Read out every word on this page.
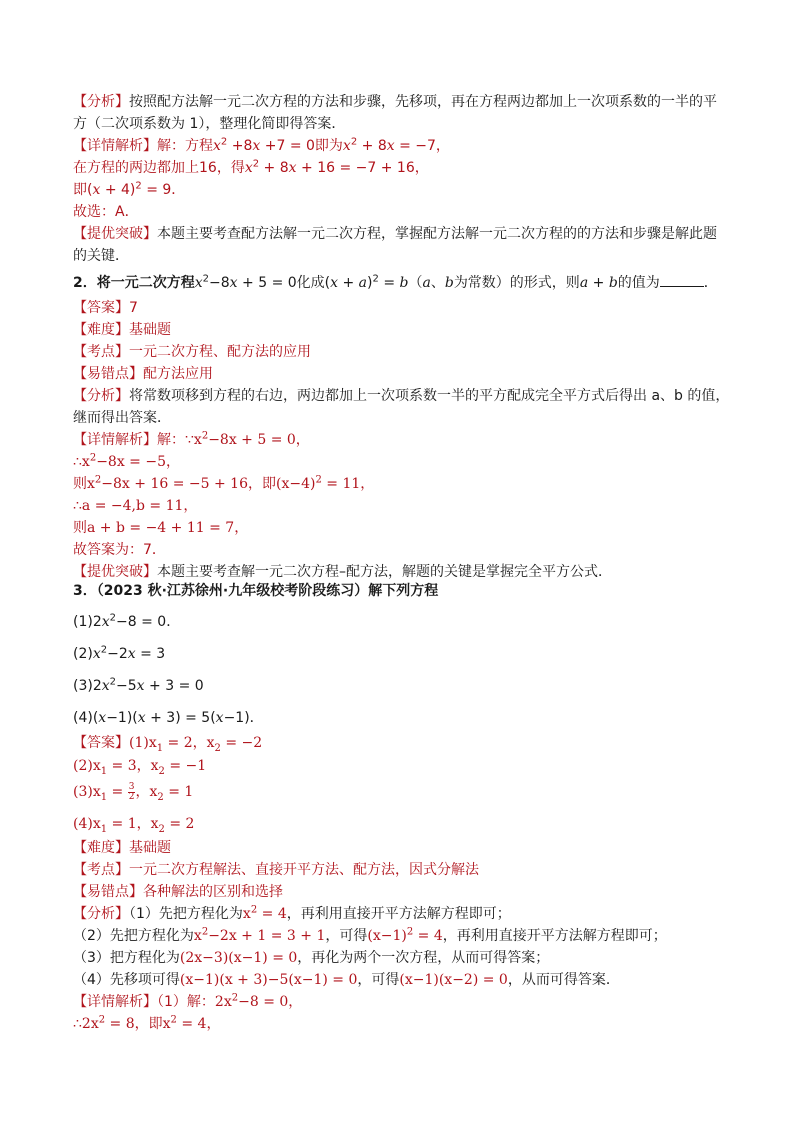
【分析】按照配方法解一元二次方程的方法和步骤，先移项，再在方程两边都加上一次项系数的一半的平
方（二次项系数为 1），整理化简即得答案．
【详情解析】解：方程$x^2 +8x +7 = 0$即为$x^2 + 8x = -7$，
在方程的两边都加上16，得$x^2 + 8x + 16 = -7 + 16$，
即$(x + 4)^2 = 9$．
故选：A．
【提优突破】本题主要考查配方法解一元二次方程，掌握配方法解一元二次方程的的方法和步骤是解此题
的关键．
2．将一元二次方程$x^2-8x + 5 = 0$化成$(x + a)^2 = b(a$、b为常数）的形式，则a + b的值为	．
【答案】7
【难度】基础题
【考点】一元二次方程、配方法的应用
【易错点】配方法应用
【分析】将常数项移到方程的右边，两边都加上一次项系数一半的平方配成完全平方式后得出 a、b 的值，
继而得出答案．
【详情解析】解：$\because x^2-8x + 5 = 0$，
$\therefore x^2-8x = -5$，
则$x^2-8x + 16 = -5 + 16$，即$(x-4)^2 = 11$，
∴a = −4,b = 11，
则a + b = −4 + 11 = 7，
故答案为：7．
【提优突破】本题主要考查解一元二次方程–配方法，解题的关键是掌握完全平方公式．
3．（2023 秋·江苏徐州·九年级校考阶段练习）解下列方程
$(1)2x^2-8 = 0$．
$(2)x^2-2x = 3$
$(3)2x^2-5x + 3 = 0$
(4)(x−1)(x + 3) = 5(x−1)．
【答案】$(1)x_1 = 2$，$x_2 = -2$
$(2)x_1 = 3$，$x_2 = -1$
$(3)x_1 = \frac{3}{2}$ ，$x_2 = 1$
$(4)x_1 = 1$，$x_2 = 2$
【难度】基础题
【考点】一元二次方程解法、直接开平方法、配方法，因式分解法
【易错点】各种解法的区别和选择
【分析】（1）先把方程化为$x^2 = 4$，再利用直接开平方法解方程即可；
（2）先把方程化为$x^2-2x + 1 = 3 + 1$，可得$(x-1)^2 = 4$，再利用直接开平方法解方程即可；
（3）把方程化为(2x−3)(x−1) = 0，再化为两个一次方程，从而可得答案；
（4）先移项可得(x−1)(x + 3)−5(x−1) = 0，可得(x−1)(x−2) = 0，从而可得答案．
【详情解析】（1）解：$2x^2-8 = 0$，
$\therefore 2x^2 = 8$，即$x^2 = 4$，
